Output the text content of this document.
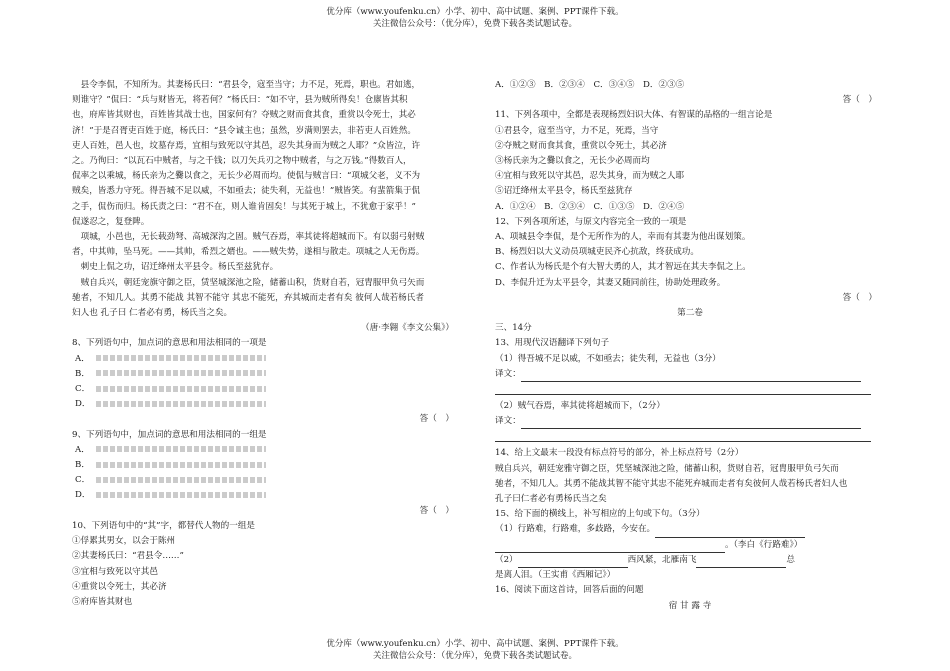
优分库（www.youfenku.cn）小学、初中、高中试题、案例、PPT课件下载。
关注微信公众号：（优分库），免费下载各类试题试卷。

　县令李侃，不知所为。其妻杨氏曰：“君县令，寇至当守；力不足，死焉，职也。君如逃，

则谁守？”侃曰：“兵与财皆无，将若何？”杨氏曰：“如不守，县为贼所得矣！仓廪皆其积

也，府库皆其财也，百姓皆其战士也，国家何有？夺贼之财而食其食，重赏以令死士，其必

济！”于是召胥吏百姓于庭，杨氏曰：“县令诚主也；虽然，岁满则罢去，非若吏人百姓然。

吏人百姓，邑人也，坟墓存焉，宜相与致死以守其邑，忍失其身而为贼之人耶？”众皆泣，许

之。乃徇曰：“以瓦石中贼者，与之千钱；以刀矢兵刃之物中贼者，与之万钱。”得数百人，

侃率之以乘城，杨氏亲为之爨以食之，无长少必周而均。使侃与贼言曰：“项城父老，义不为

贼矣，皆悉力守死。得吾城不足以威，不如亟去；徒失利，无益也！”贼皆笑。有蜚箭集于侃

之手，侃伤而归。杨氏责之曰：“君不在，则人谁肯固矣！与其死于城上，不犹愈于家乎！”

侃遂忍之，复登陴。

　项城，小邑也，无长载劲弩、高城深沟之固。贼气吞焉，率其徒将超城而下。有以弱弓射贼

者，中其帅，坠马死。——其帅，希烈之婿也。——贼失势，遂相与散走。项城之人无伤焉。

　刺史上侃之功，诏迁绛州太平县令。杨氏至兹犹存。

　贼自兵兴，朝廷宠旗守御之臣，赁坚城深池之险，储蓄山积，货财自若，冠胄服甲负弓矢而

驰者，不知几人。其勇不能战 其智不能守 其忠不能死，弃其城而走者有矣 彼何人哉若杨氏者

妇人也 孔子曰 仁者必有勇，杨氏当之矣。

（唐·李翱《李文公集》）

8、下列语句中，加点词的意思和用法相同的一项是

A．

B．

C．

D．

答（　）

9、下列语句中，加点词的意思和用法相同的一组是

A．

B．

C．

D．

答（　）

10、下列语句中的“其”字，都替代人物的一组是

①俘累其男女，以会于陈州

②其妻杨氏曰：“君县令……”

③宜相与致死以守其邑

④重赏以令死士，其必济

⑤府库皆其财也

A．①②③　B．②③④　C．③④⑤　D．②③⑤

答（　）

11、下列各项中，全都是表现杨烈妇识大体、有智谋的品格的一组言论是

①君县令，寇至当守，力不足，死焉，当守

②夺贼之财而食其食，重赏以令死士，其必济

③杨氏亲为之爨以食之，无长少必周而均

④宜相与致死以守其邑，忍失其身，而为贼之人耶

⑤诏迁绛州太平县令，杨氏至兹犹存

A．①②④　B．②③④　C．①③⑤　D．②④⑤

12、下列各项所述，与原文内容完全一致的一项是

A、项城县令李侃，是个无所作为的人，幸而有其妻为他出谋划策。

B、杨烈妇以大义动员项城吏民齐心抗敌，终获成功。

C、作者认为杨氏是个有大智大勇的人，其才智远在其夫李侃之上。

D、李侃升迁为太平县令，其妻又随同前往，协助处理政务。

答（　）

第二卷

三、14分

13、用现代汉语翻译下列句子

（1）得吾城不足以威，不如亟去；徒失利，无益也（3分）

译文：

（2）贼气吞焉，率其徒将超城而下，（2分）

译文：

14、给上文最末一段没有标点符号的部分，补上标点符号（2分）

贼自兵兴，朝廷宠雅守御之臣，凭坚城深池之险，储蓄山积，货财自若，冠胄服甲负弓矢而

驰者，不知几人。其勇不能战其智不能守其忠不能死弃城而走者有矣彼何人哉若杨氏者妇人也

孔子曰仁者必有勇杨氏当之矣

15、给下面的横线上，补写相应的上句或下句。（3分）

（1）行路难，行路难，多歧路，今安在。

。（李白《行路难》）

（2）	西风紧，北雁南飞	总

是离人泪。（王实甫《西厢记》）

16、阅读下面这首诗，回答后面的问题

宿 甘 露 寺

优分库（www.youfenku.cn）小学、初中、高中试题、案例、PPT课件下载。
关注微信公众号：（优分库），免费下载各类试题试卷。
